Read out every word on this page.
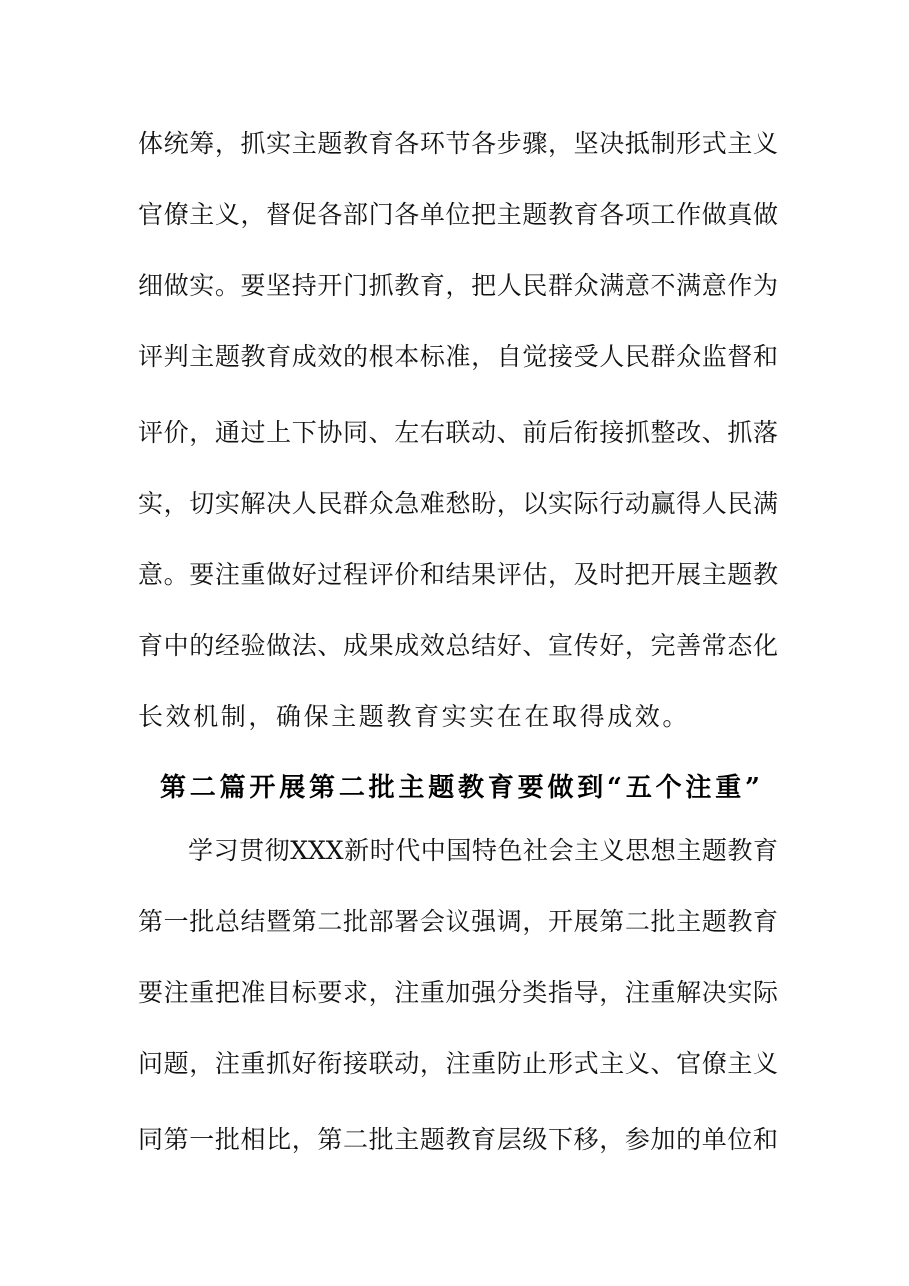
体统筹，抓实主题教育各环节各步骤，坚决抵制形式主义
官僚主义，督促各部门各单位把主题教育各项工作做真做
细做实。要坚持开门抓教育，把人民群众满意不满意作为
评判主题教育成效的根本标准，自觉接受人民群众监督和
评价，通过上下协同、左右联动、前后衔接抓整改、抓落
实，切实解决人民群众急难愁盼，以实际行动赢得人民满
意。要注重做好过程评价和结果评估，及时把开展主题教
育中的经验做法、成果成效总结好、宣传好，完善常态化
长效机制，确保主题教育实实在在取得成效。
第二篇开展第二批主题教育要做到“五个注重”
学习贯彻XXX新时代中国特色社会主义思想主题教育
第一批总结暨第二批部署会议强调，开展第二批主题教育
要注重把准目标要求，注重加强分类指导，注重解决实际
问题，注重抓好衔接联动，注重防止形式主义、官僚主义
同第一批相比，第二批主题教育层级下移，参加的单位和
